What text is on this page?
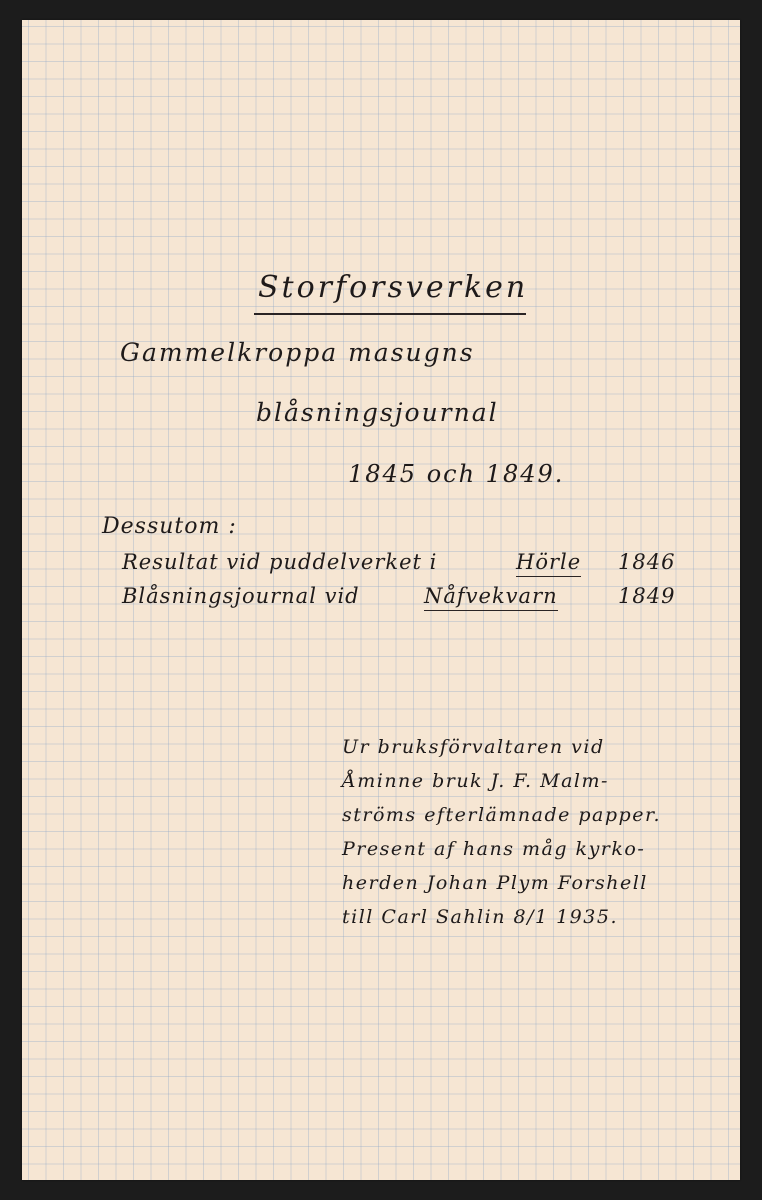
Storforsverken
Gammelkroppa masugns
blåsningsjournal
1845 och 1849.
Dessutom :
Resultat vid puddelverket i	Hörle 1846
Blåsningsjournal vid	Nåfvekvarn	1849
Ur bruksförvaltaren vid
Åminne bruk J. F. Malm-
ströms efterlämnade papper.
Present af hans måg kyrko-
herden Johan Plym Forshell
till Carl Sahlin 8/1 1935.
